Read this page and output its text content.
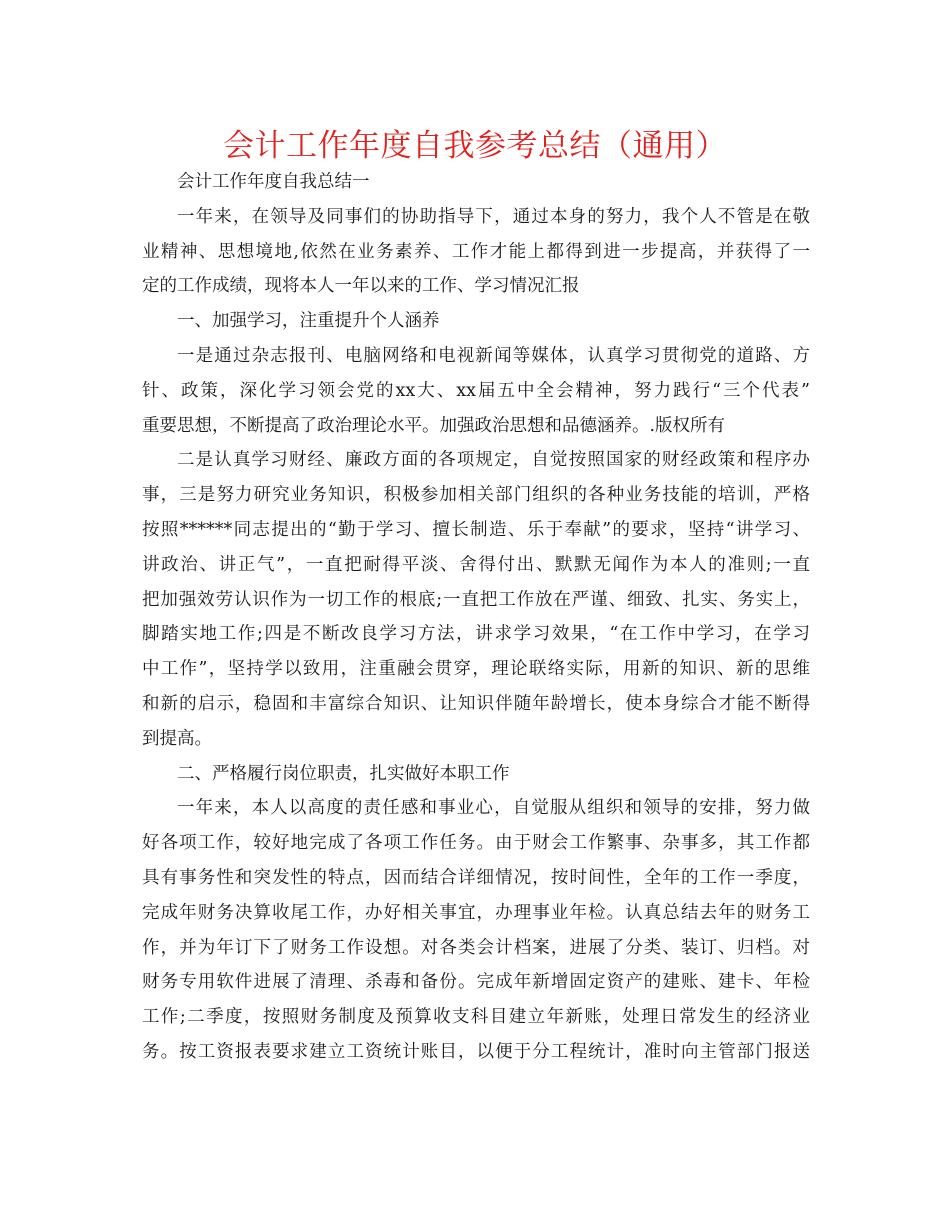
会计工作年度自我参考总结（通用）
会计工作年度自我总结一
一年来，在领导及同事们的协助指导下，通过本身的努力，我个人不管是在敬
业精神、思想境地,依然在业务素养、工作才能上都得到进一步提高，并获得了一
定的工作成绩，现将本人一年以来的工作、学习情况汇报
一、加强学习，注重提升个人涵养
一是通过杂志报刊、电脑网络和电视新闻等媒体，认真学习贯彻党的道路、方
针、政策，深化学习领会党的xx大、xx届五中全会精神，努力践行“三个代表”
重要思想，不断提高了政治理论水平。加强政治思想和品德涵养。.版权所有
二是认真学习财经、廉政方面的各项规定，自觉按照国家的财经政策和程序办
事，三是努力研究业务知识，积极参加相关部门组织的各种业务技能的培训，严格
按照******同志提出的“勤于学习、擅长制造、乐于奉献”的要求，坚持“讲学习、
讲政治、讲正气”，一直把耐得平淡、舍得付出、默默无闻作为本人的准则;一直
把加强效劳认识作为一切工作的根底;一直把工作放在严谨、细致、扎实、务实上，
脚踏实地工作;四是不断改良学习方法，讲求学习效果，“在工作中学习，在学习
中工作”，坚持学以致用，注重融会贯穿，理论联络实际，用新的知识、新的思维
和新的启示，稳固和丰富综合知识、让知识伴随年龄增长，使本身综合才能不断得
到提高。
二、严格履行岗位职责，扎实做好本职工作
一年来，本人以高度的责任感和事业心，自觉服从组织和领导的安排，努力做
好各项工作，较好地完成了各项工作任务。由于财会工作繁事、杂事多，其工作都
具有事务性和突发性的特点，因而结合详细情况，按时间性，全年的工作一季度，
完成年财务决算收尾工作，办好相关事宜，办理事业年检。认真总结去年的财务工
作，并为年订下了财务工作设想。对各类会计档案，进展了分类、装订、归档。对
财务专用软件进展了清理、杀毒和备份。完成年新增固定资产的建账、建卡、年检
工作;二季度，按照财务制度及预算收支科目建立年新账，处理日常发生的经济业
务。按工资报表要求建立工资统计账目，以便于分工程统计，准时向主管部门报送
